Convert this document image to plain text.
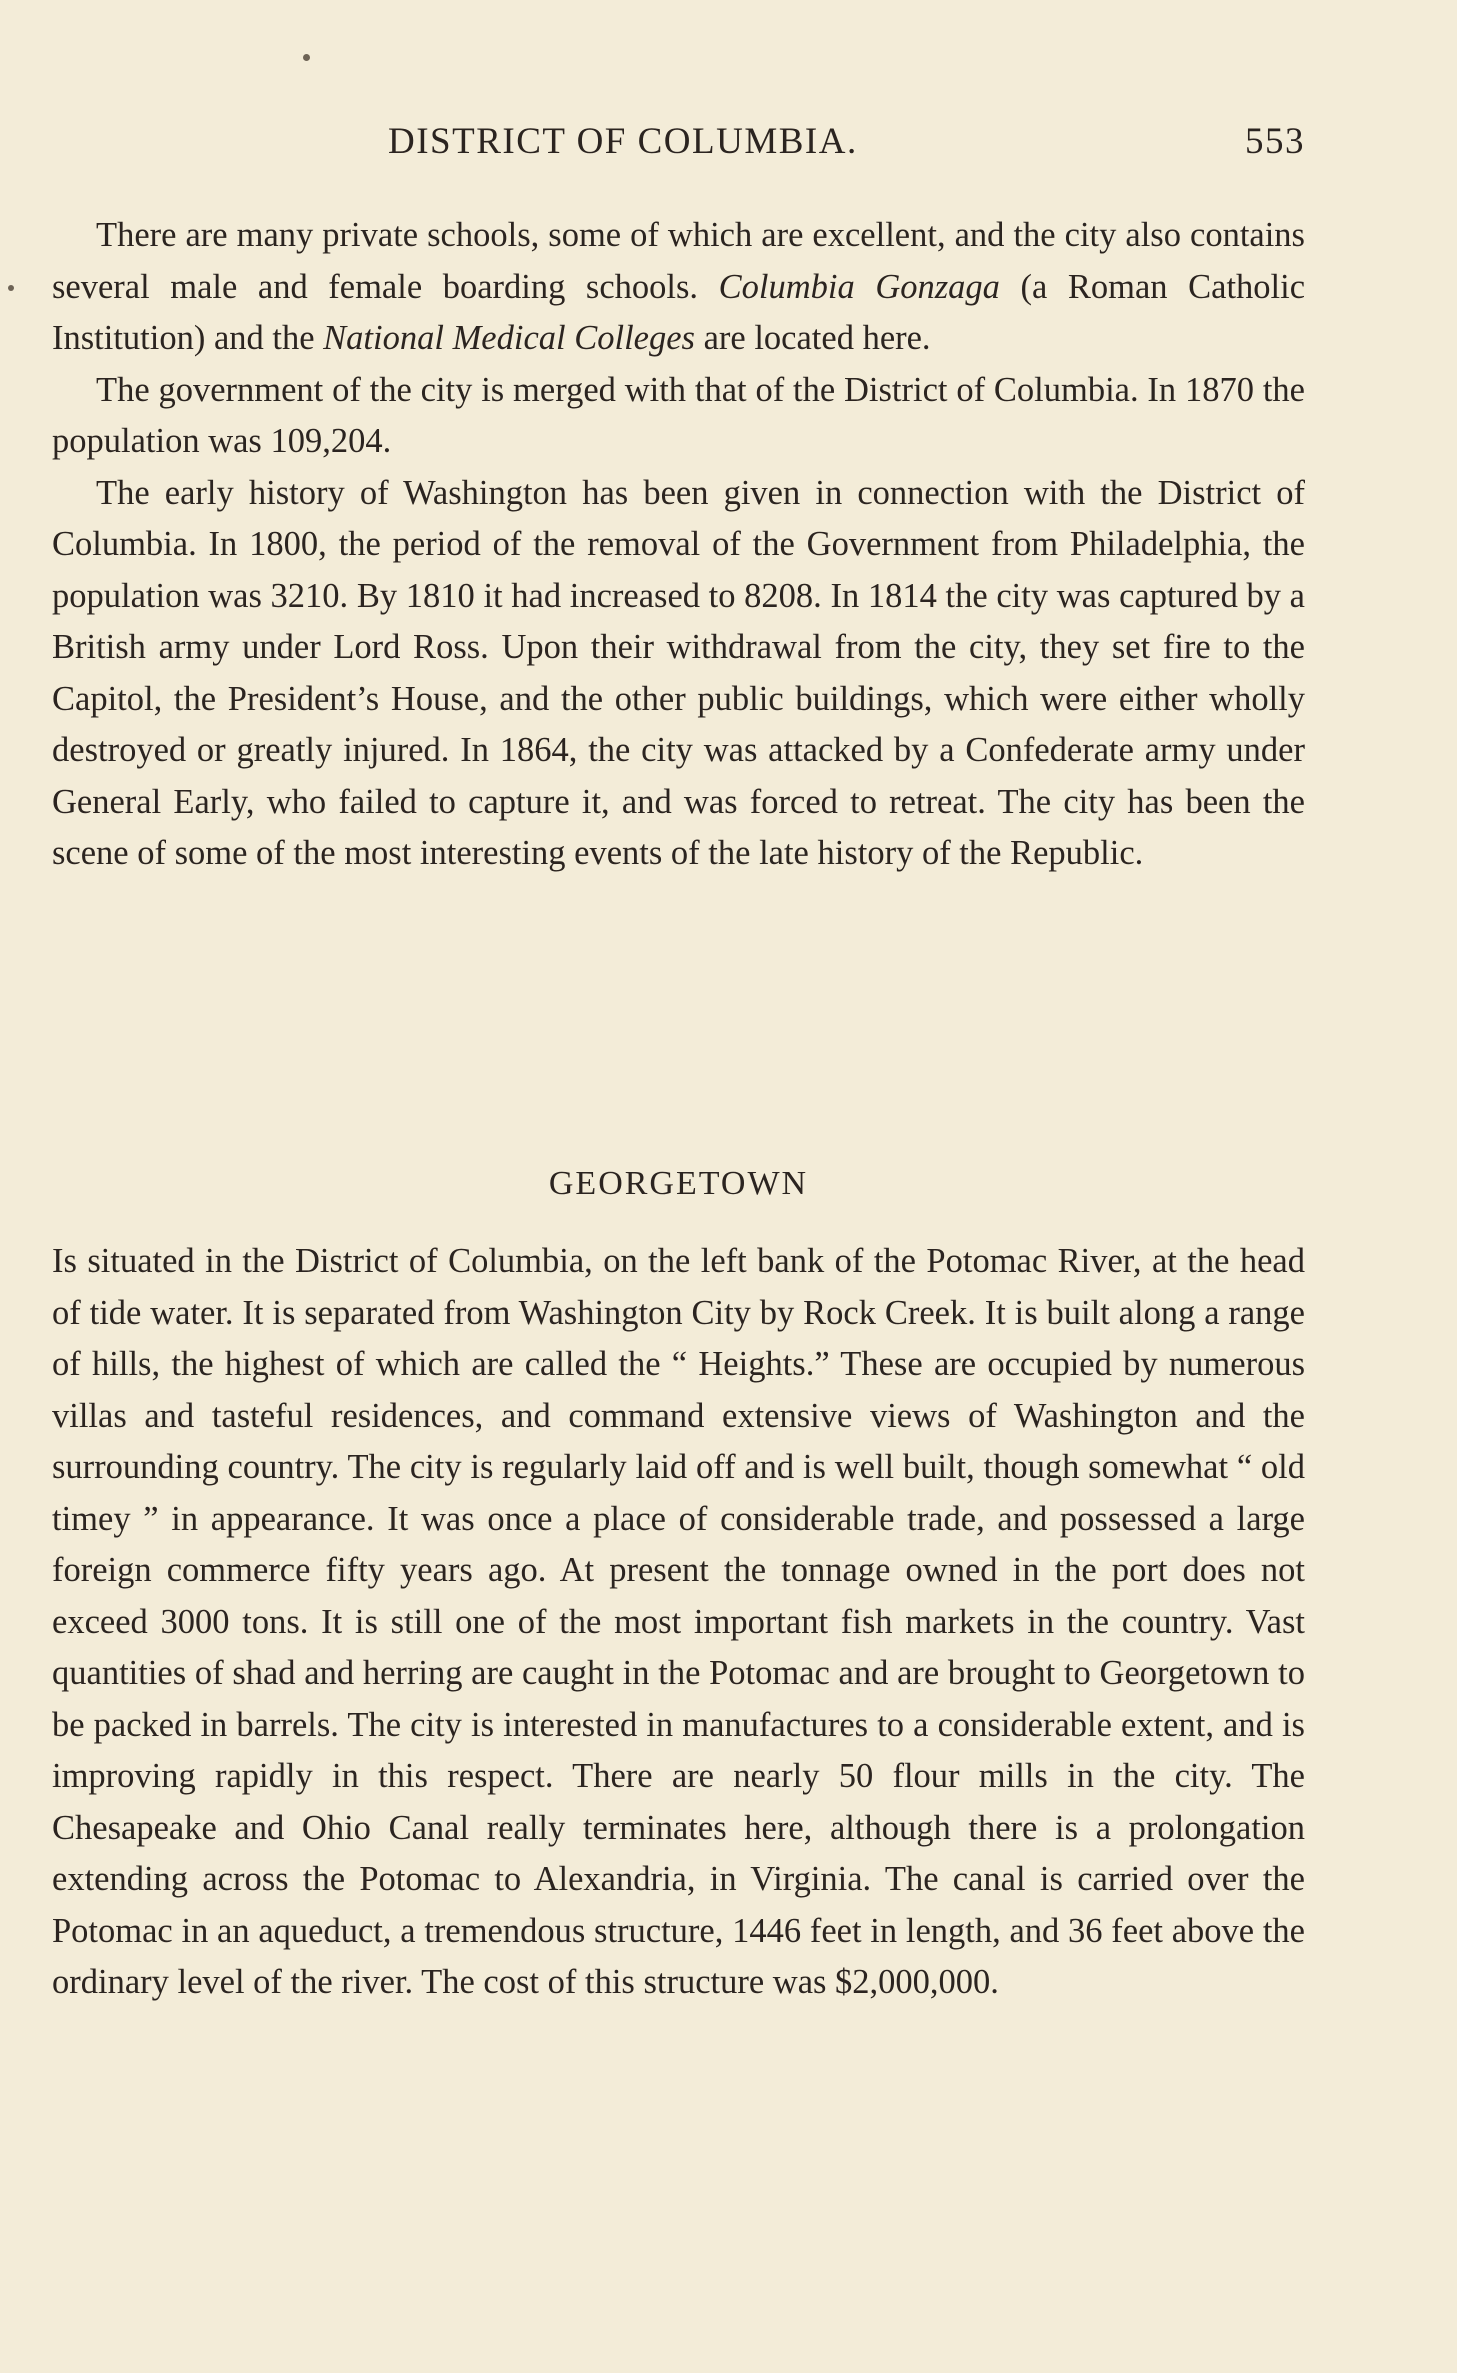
DISTRICT OF COLUMBIA.	553

There are many private schools, some of which are excellent, and the city also contains several male and female boarding schools. Columbia Gonzaga (a Roman Catholic Institution) and the National Medical Colleges are located here.

The government of the city is merged with that of the District of Columbia. In 1870 the population was 109,204.

The early history of Washington has been given in connection with the District of Columbia. In 1800, the period of the removal of the Government from Philadelphia, the population was 3210. By 1810 it had increased to 8208. In 1814 the city was captured by a British army under Lord Ross. Upon their withdrawal from the city, they set fire to the Capitol, the President’s House, and the other public buildings, which were either wholly destroyed or greatly injured. In 1864, the city was attacked by a Confederate army under General Early, who failed to capture it, and was forced to retreat. The city has been the scene of some of the most interesting events of the late history of the Republic.

GEORGETOWN

Is situated in the District of Columbia, on the left bank of the Potomac River, at the head of tide water. It is separated from Washington City by Rock Creek. It is built along a range of hills, the highest of which are called the “ Heights.” These are occupied by numerous villas and tasteful residences, and command extensive views of Washington and the surrounding country. The city is regularly laid off and is well built, though somewhat “ old timey ” in appearance. It was once a place of considerable trade, and possessed a large foreign commerce fifty years ago. At present the tonnage owned in the port does not exceed 3000 tons. It is still one of the most important fish markets in the country. Vast quantities of shad and herring are caught in the Potomac and are brought to Georgetown to be packed in barrels. The city is interested in manufactures to a considerable extent, and is improving rapidly in this respect. There are nearly 50 flour mills in the city. The Chesapeake and Ohio Canal really terminates here, although there is a prolongation extending across the Potomac to Alexandria, in Virginia. The canal is carried over the Potomac in an aqueduct, a tremendous structure, 1446 feet in length, and 36 feet above the ordinary level of the river. The cost of this structure was $2,000,000.
